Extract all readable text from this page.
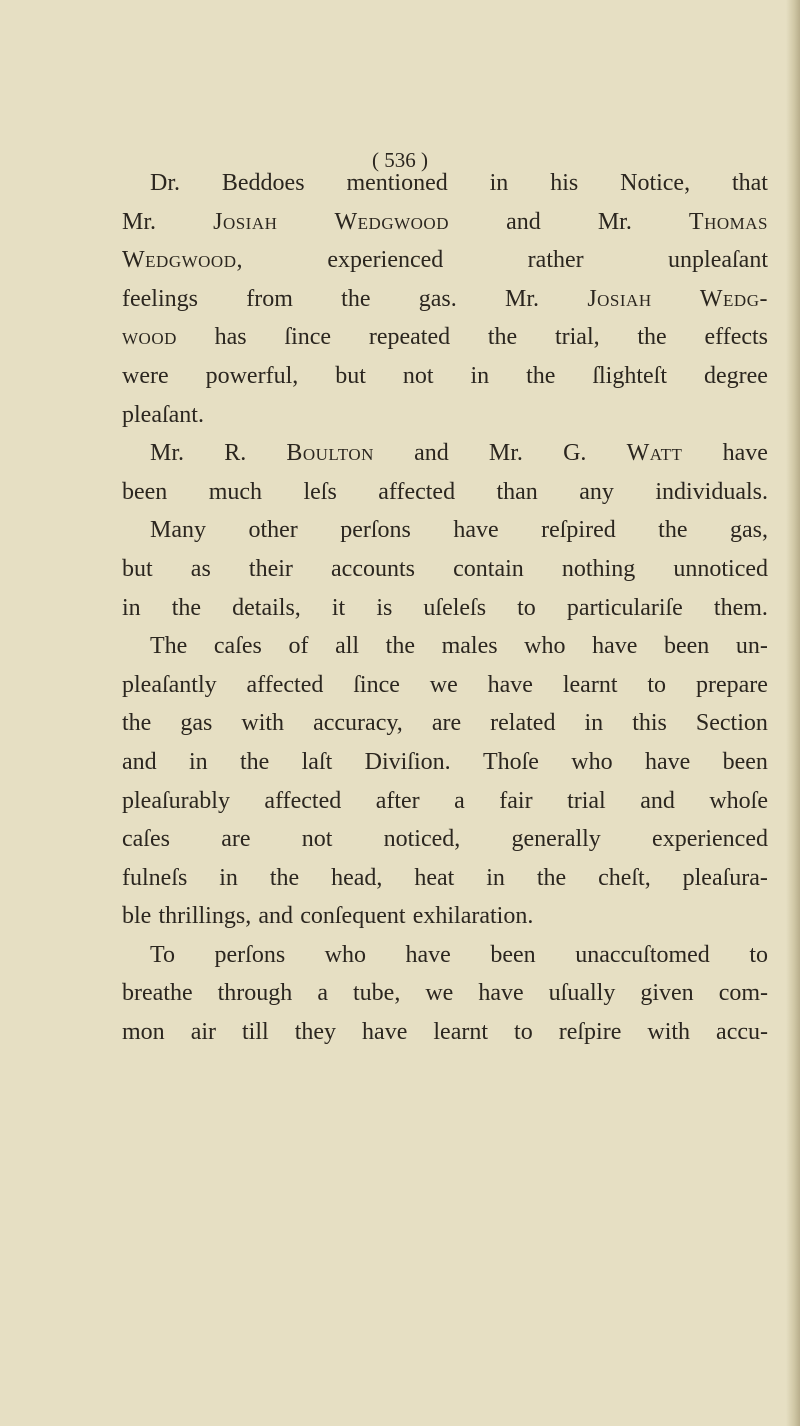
( 536 )
Dr. Beddoes mentioned in his Notice, that
Mr. Josiah Wedgwood and Mr. Thomas
Wedgwood,	experienced	rather	unpleaſant
feelings from the gas. Mr. Josiah Wedg-
wood has ſince repeated the trial, the effects
were powerful, but not in the ſlighteſt degree
pleaſant.
Mr. R. Boulton and Mr. G. Watt have
been much leſs affected than any individuals.
Many other perſons have reſpired the gas,
but as their accounts contain nothing unnoticed
in the details, it is uſeleſs to particulariſe them.
The caſes of all the males who have been un-
pleaſantly affected ſince we have learnt to prepare
the gas with accuracy, are related in this Section
and in the laſt Diviſion. Thoſe who have been
pleaſurably affected after a fair trial and whoſe
caſes are not noticed, generally experienced
fulneſs in the head, heat in the cheſt, pleaſura-
ble thrillings, and conſequent exhilaration.
To perſons who have been unaccuſtomed to
breathe through a tube, we have uſually given com-
mon air till they have learnt to reſpire with accu-
